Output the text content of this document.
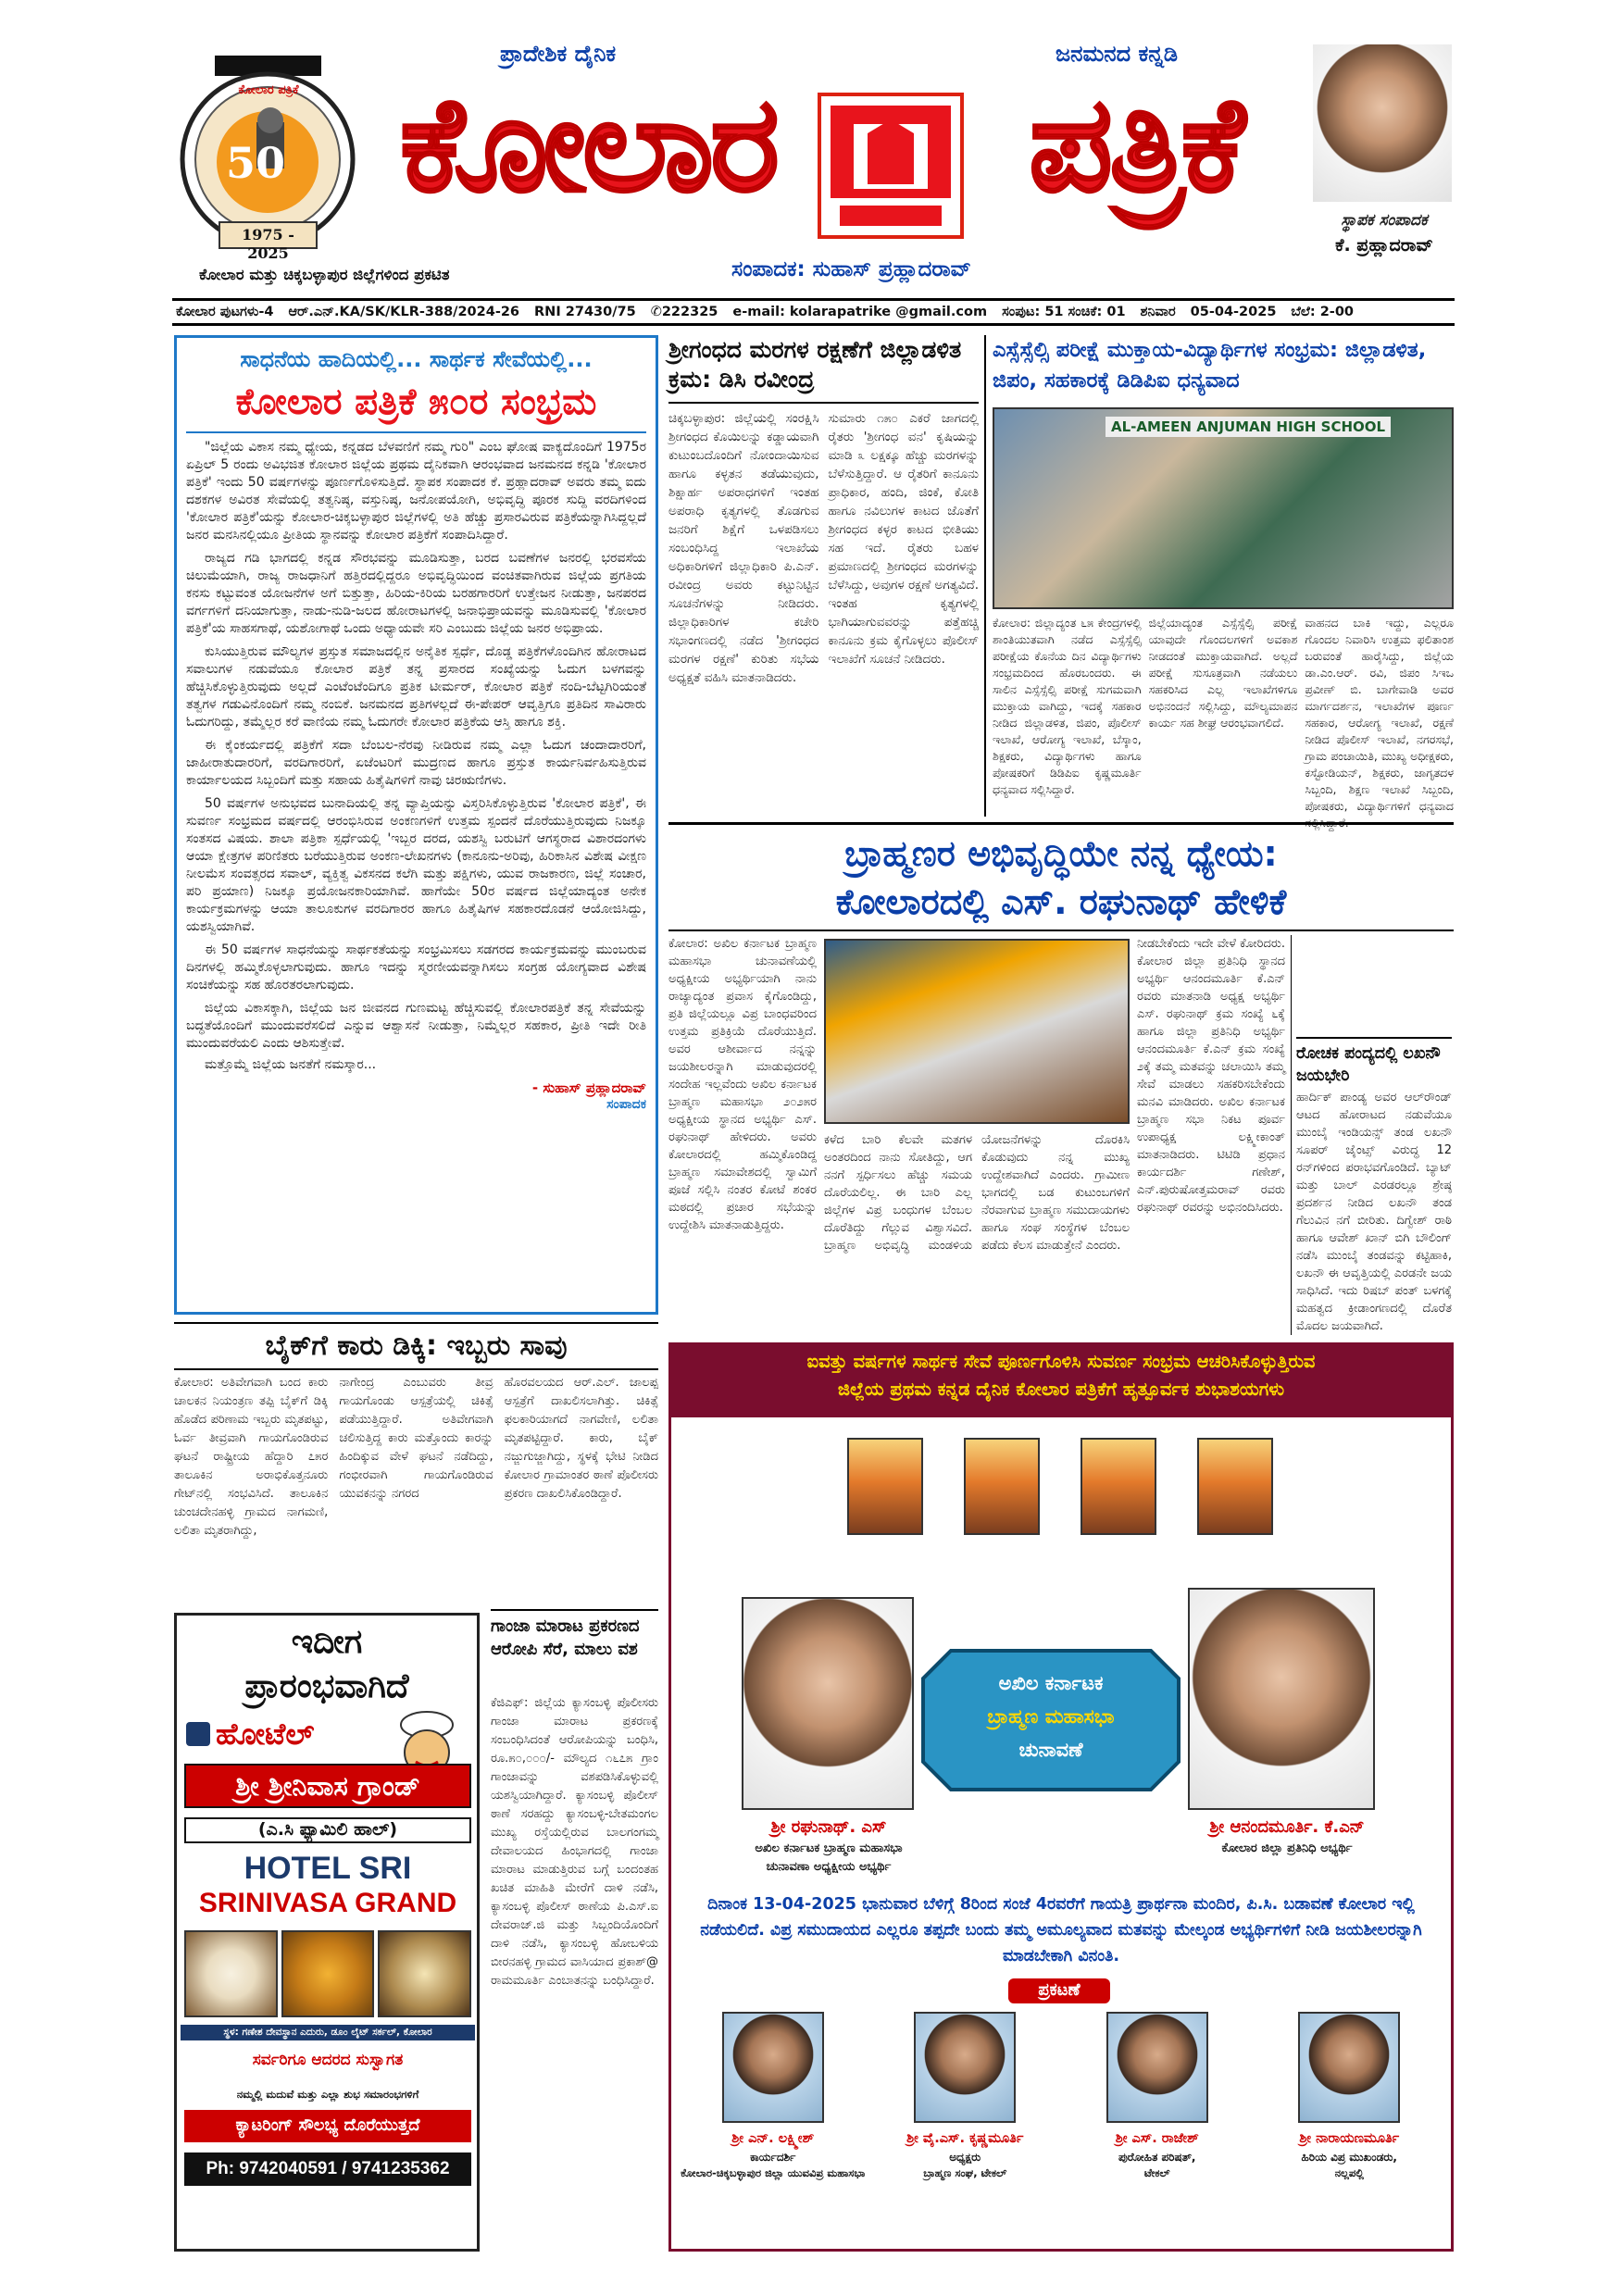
ಕೋಲಾರ ಪತ್ರಿಕೆ
50
1975 - 2025
ಪ್ರಾದೇಶಿಕ ದೈನಿಕ	ಜನಮನದ ಕನ್ನಡಿ
ಕೋಲಾರ	ಪತ್ರಿಕೆ	ಸ್ಥಾಪಕ ಸಂಪಾದಕ
ಕೆ. ಪ್ರಹ್ಲಾದರಾವ್
ಕೋಲಾರ ಮತ್ತು ಚಿಕ್ಕಬಳ್ಳಾಪುರ ಜಿಲ್ಲೆಗಳಿಂದ ಪ್ರಕಟಿತ	ಸಂಪಾದಕ: ಸುಹಾಸ್ ಪ್ರಹ್ಲಾದರಾವ್
ಕೋಲಾರ ಪುಟಗಳು-4 ಆರ್.ಎನ್.KA/SK/KLR-388/2024-26 RNI 27430/75 ✆222325 e-mail: kolarapatrike @gmail.com ಸಂಪುಟ: 51 ಸಂಚಿಕೆ: 01 ಶನಿವಾರ 05-04-2025 ಬೆಲೆ: 2-00
ಸಾಧನೆಯ ಹಾದಿಯಲ್ಲಿ... ಸಾರ್ಥಕ ಸೇವೆಯಲ್ಲಿ...
ಕೋಲಾರ ಪತ್ರಿಕೆ ೫೦ರ ಸಂಭ್ರಮ

"ಜಿಲ್ಲೆಯ ವಿಕಾಸ ನಮ್ಮ ಧ್ಯೇಯ, ಕನ್ನಡದ ಬೆಳವಣಿಗೆ ನಮ್ಮ ಗುರಿ" ಎಂಬ ಘೋಷ ವಾಕ್ಯದೊಂದಿಗೆ 1975ರ ಏಪ್ರಿಲ್ 5 ರಂದು ಅವಿಭಜಿತ ಕೋಲಾರ ಜಿಲ್ಲೆಯ ಪ್ರಥಮ ದೈನಿಕವಾಗಿ ಆರಂಭವಾದ ಜನಮನದ ಕನ್ನಡಿ 'ಕೋಲಾರ ಪತ್ರಿಕೆ' ಇಂದು 50 ವರ್ಷಗಳನ್ನು ಪೂರ್ಣಗೊಳಿಸುತ್ತಿದೆ. ಸ್ಥಾಪಕ ಸಂಪಾದಕ ಕೆ. ಪ್ರಹ್ಲಾದರಾವ್ ಅವರು ತಮ್ಮ ಐದು ದಶಕಗಳ ಅವಿರತ ಸೇವೆಯಲ್ಲಿ ತತ್ವನಿಷ್ಠ, ವಸ್ತುನಿಷ್ಠ, ಜನೋಪಯೋಗಿ, ಅಭಿವೃದ್ಧಿ ಪೂರಕ ಸುದ್ದಿ ವರದಿಗಳಿಂದ 'ಕೋಲಾರ ಪತ್ರಿಕೆ'ಯನ್ನು ಕೋಲಾರ-ಚಿಕ್ಕಬಳ್ಳಾಪುರ ಜಿಲ್ಲೆಗಳಲ್ಲಿ ಅತಿ ಹೆಚ್ಚು ಪ್ರಸಾರವಿರುವ ಪತ್ರಿಕೆಯನ್ನಾಗಿಸಿದ್ದಲ್ಲದೆ ಜನರ ಮನಸಿನಲ್ಲಿಯೂ ಪ್ರೀತಿಯ ಸ್ಥಾನವನ್ನು ಕೋಲಾರ ಪತ್ರಿಕೆಗೆ ಸಂಪಾದಿಸಿದ್ದಾರೆ.

ರಾಜ್ಯದ ಗಡಿ ಭಾಗದಲ್ಲಿ ಕನ್ನಡ ಸೌರಭವನ್ನು ಮೂಡಿಸುತ್ತಾ, ಬರದ ಬವಣೆಗಳ ಜನರಲ್ಲಿ ಭರವಸೆಯ ಚಿಲುಮೆಯಾಗಿ, ರಾಜ್ಯ ರಾಜಧಾನಿಗೆ ಹತ್ತಿರದಲ್ಲಿದ್ದರೂ ಅಭಿವೃದ್ಧಿಯಿಂದ ವಂಚಿತವಾಗಿರುವ ಜಿಲ್ಲೆಯ ಪ್ರಗತಿಯ ಕನಸು ಕಟ್ಟುವಂತ ಯೋಜನೆಗಳ ಅಗೆ ಬಿತ್ತುತ್ತಾ, ಹಿರಿಯ-ಕಿರಿಯ ಬರಹಗಾರರಿಗೆ ಉತ್ತೇಜನ ನೀಡುತ್ತಾ, ಜನಪರದ ವರ್ಗಗಳಿಗೆ ದನಿಯಾಗುತ್ತಾ, ನಾಡು-ನುಡಿ-ಜಲದ ಹೋರಾಟಗಳಲ್ಲಿ ಜನಾಭಿಪ್ರಾಯವನ್ನು ಮೂಡಿಸುವಲ್ಲಿ 'ಕೋಲಾರ ಪತ್ರಿಕೆ'ಯ ಸಾಹಸಗಾಥೆ, ಯಶೋಗಾಥೆ ಒಂದು ಅಧ್ಯಾಯವೇ ಸರಿ ಎಂಬುದು ಜಿಲ್ಲೆಯ ಜನರ ಅಭಿಪ್ರಾಯ.

ಕುಸಿಯುತ್ತಿರುವ ಮೌಲ್ಯಗಳ ಪ್ರಸ್ತುತ ಸಮಾಜದಲ್ಲಿನ ಅನೈತಿಕ ಸ್ಪರ್ಧೆ, ದೊಡ್ಡ ಪತ್ರಿಕೆಗಳೊಂದಿಗಿನ ಹೋರಾಟದ ಸವಾಲುಗಳ ನಡುವೆಯೂ ಕೋಲಾರ ಪತ್ರಿಕೆ ತನ್ನ ಪ್ರಸಾರದ ಸಂಖ್ಯೆಯನ್ನು ಓದುಗ ಬಳಗವನ್ನು ಹೆಚ್ಚಿಸಿಕೊಳ್ಳುತ್ತಿರುವುದು ಅಲ್ಲದೆ ಎಂಟೆಂಟೆಂದಿಗೂ ಪ್ರತಿಕ ಟೀರ್ಮರ್, ಕೋಲಾರ ಪತ್ರಿಕೆ ನಂದಿ-ಬೆಟ್ಟಗಿರಿಯಂತೆ ತತ್ವಗಳ ಗಡುವಿನೊಂದಿಗೆ ನಮ್ಮ ನಂಬಿಕೆ. ಜನಮನದ ಪ್ರತಿಗಳಲ್ಲದೆ ಈ-ಪೇಪರ್ ಆವೃತ್ತಿಗೂ ಪ್ರತಿದಿನ ಸಾವಿರಾರು ಓದುಗರಿದ್ದು, ತಮ್ಮೆಲ್ಲರ ಕರೆ ವಾಣಿಯ ನಮ್ಮ ಓದುಗರೇ ಕೋಲಾರ ಪತ್ರಿಕೆಯ ಆಸ್ತಿ ಹಾಗೂ ಶಕ್ತಿ.

ಈ ಕೈಂಕರ್ಯದಲ್ಲಿ ಪತ್ರಿಕೆಗೆ ಸದಾ ಬೆಂಬಲ-ನೆರವು ನೀಡಿರುವ ನಮ್ಮ ಎಲ್ಲಾ ಓದುಗ ಚಂದಾದಾರರಿಗೆ, ಜಾಹೀರಾತುದಾರರಿಗೆ, ವರದಿಗಾರರಿಗೆ, ಏಜೆಂಟರಿಗೆ ಮುದ್ರಣದ ಹಾಗೂ ಪ್ರಸ್ತುತ ಕಾರ್ಯನಿರ್ವಹಿಸುತ್ತಿರುವ ಕಾರ್ಯಾಲಯದ ಸಿಬ್ಬಂದಿಗೆ ಮತ್ತು ಸಹಾಯ ಹಿತೈಷಿಗಳಿಗೆ ನಾವು ಚಿರಋಣಿಗಳು.

50 ವರ್ಷಗಳ ಅನುಭವದ ಬುನಾದಿಯಲ್ಲಿ ತನ್ನ ವ್ಯಾಪ್ತಿಯನ್ನು ವಿಸ್ತರಿಸಿಕೊಳ್ಳುತ್ತಿರುವ 'ಕೋಲಾರ ಪತ್ರಿಕೆ', ಈ ಸುವರ್ಣ ಸಂಭ್ರಮದ ವರ್ಷದಲ್ಲಿ ಆರಂಭಿಸಿರುವ ಅಂಕಣಗಳಿಗೆ ಉತ್ತಮ ಸ್ಪಂದನೆ ದೊರೆಯುತ್ತಿರುವುದು ನಿಜಕ್ಕೂ ಸಂತಸದ ವಿಷಯ. ಶಾಲಾ ಪತ್ರಿಕಾ ಸ್ಪರ್ಧೆಯಲ್ಲಿ 'ಇಬ್ಬರ ದರದ, ಯಶಸ್ವಿ ಬರುಟಿಗೆ ಆಗಸ್ಥರಾದ ವಿಶಾರದಂಗಳು ಆಯಾ ಕ್ಷೇತ್ರಗಳ ಪರಿಣಿತರು ಬರೆಯುತ್ತಿರುವ ಅಂಕಣ-ಲೇಖನಗಳು (ಕಾನೂನು-ಅರಿವು, ಹಿರಿಕಾಸಿನ ವಿಶೇಷ ವೀಕ್ಷಣ ನೀಲಮೆಸ ಸಂವತ್ಸರದ ಸವಾಲ್, ವ್ಯಕ್ತಿತ್ವ ವಿಕಸನದ ಕಲೆಗಿ ಮತ್ತು ಪಕ್ಷಿಗಳು, ಯುವ ರಾಜಕಾರಣ, ಜಿಲ್ಲೆ ಸಂಚಾರ, ಪರಿ ಪ್ರಯಾಣ) ನಿಜಕ್ಕೂ ಪ್ರಯೋಜನಕಾರಿಯಾಗಿವೆ. ಹಾಗೆಯೇ 50ರ ವರ್ಷದ ಜಿಲ್ಲೆಯಾದ್ಯಂತ ಅನೇಕ ಕಾರ್ಯಕ್ರಮಗಳನ್ನು ಆಯಾ ತಾಲೂಕುಗಳ ವರದಿಗಾರರ ಹಾಗೂ ಹಿತೈಷಿಗಳ ಸಹಕಾರದೊಡನೆ ಆಯೋಜಿಸಿದ್ದು, ಯಶಸ್ವಿಯಾಗಿವೆ.

ಈ 50 ವರ್ಷಗಳ ಸಾಧನೆಯನ್ನು ಸಾರ್ಥಕತೆಯನ್ನು ಸಂಭ್ರಮಿಸಲು ಸಡಗರದ ಕಾರ್ಯಕ್ರಮವನ್ನು ಮುಂಬರುವ ದಿನಗಳಲ್ಲಿ ಹಮ್ಮಿಕೊಳ್ಳಲಾಗುವುದು. ಹಾಗೂ ಇದನ್ನು ಸ್ಮರಣೀಯವನ್ನಾಗಿಸಲು ಸಂಗ್ರಹ ಯೋಗ್ಯವಾದ ವಿಶೇಷ ಸಂಚಿಕೆಯನ್ನು ಸಹ ಹೊರತರಲಾಗುವುದು.

ಜಿಲ್ಲೆಯ ವಿಕಾಸಕ್ಕಾಗಿ, ಜಿಲ್ಲೆಯ ಜನ ಜೀವನದ ಗುಣಮಟ್ಟ ಹೆಚ್ಚಿಸುವಲ್ಲಿ ಕೋಲಾರಪತ್ರಿಕೆ ತನ್ನ ಸೇವೆಯನ್ನು ಬದ್ಧತೆಯೊಂದಿಗೆ ಮುಂದುವರೆಸಲಿದೆ ಎನ್ನುವ ಆಶ್ವಾಸನೆ ನೀಡುತ್ತಾ, ನಿಮ್ಮೆಲ್ಲರ ಸಹಕಾರ, ಪ್ರೀತಿ ಇದೇ ರೀತಿ ಮುಂದುವರೆಯಲಿ ಎಂದು ಆಶಿಸುತ್ತೇವೆ.

ಮತ್ತೊಮ್ಮೆ ಜಿಲ್ಲೆಯ ಜನತೆಗೆ ನಮಸ್ಕಾರ...

- ಸುಹಾಸ್ ಪ್ರಹ್ಲಾದರಾವ್
ಸಂಪಾದಕ
ಶ್ರೀಗಂಧದ ಮರಗಳ ರಕ್ಷಣೆಗೆ ಜಿಲ್ಲಾಡಳಿತ ಕ್ರಮ: ಡಿಸಿ ರವೀಂದ್ರ

ಚಿಕ್ಕಬಳ್ಳಾಪುರ: ಜಿಲ್ಲೆಯಲ್ಲಿ ಸಂರಕ್ಷಿಸಿ ಶ್ರೀಗಂಧದ ಕೊಯಿಲನ್ನು ಕಡ್ಡಾಯವಾಗಿ ಕುಟುಂಬದೊಂದಿಗೆ ನೋಂದಾಯಿಸುವ ಹಾಗೂ ಕಳ್ಳತನ ತಡೆಯುವುದು, ಶಿಕ್ಷಾರ್ಹ ಅಪರಾಧಗಳಿಗೆ ಇಂತಹ ಅಪರಾಧಿ ಕೃತ್ಯಗಳಲ್ಲಿ ತೊಡಗುವ ಜನರಿಗೆ ಶಿಕ್ಷೆಗೆ ಒಳಪಡಿಸಲು ಸಂಬಂಧಿಸಿದ್ದ ಇಲಾಖೆಯ ಅಧಿಕಾರಿಗಳಿಗೆ ಜಿಲ್ಲಾಧಿಕಾರಿ ಪಿ.ಎನ್. ರವೀಂದ್ರ ಅವರು ಕಟ್ಟುನಿಟ್ಟಿನ ಸೂಚನೆಗಳನ್ನು ನೀಡಿದರು. ಜಿಲ್ಲಾಧಿಕಾರಿಗಳ ಕಚೇರಿ ಸಭಾಂಗಣದಲ್ಲಿ ನಡೆದ 'ಶ್ರೀಗಂಧದ ಮರಗಳ ರಕ್ಷಣೆ' ಕುರಿತು ಸಭೆಯ ಅಧ್ಯಕ್ಷತೆ ವಹಿಸಿ ಮಾತನಾಡಿದರು.

ಸುಮಾರು ೧೫೦ ಎಕರೆ ಜಾಗದಲ್ಲಿ ರೈತರು 'ಶ್ರೀಗಂಧ ವನ' ಕೃಷಿಯನ್ನು ಮಾಡಿ ೩ ಲಕ್ಷಕ್ಕೂ ಹೆಚ್ಚು ಮರಗಳನ್ನು ಬೆಳೆಸುತ್ತಿದ್ದಾರೆ. ಆ ರೈತರಿಗೆ ಕಾನೂನು ಪ್ರಾಧಿಕಾರ, ಹಂದಿ, ಜಿಂಕೆ, ಕೋತಿ ಹಾಗೂ ನವಿಲುಗಳ ಕಾಟದ ಜೊತೆಗೆ ಶ್ರೀಗಂಧದ ಕಳ್ಳರ ಕಾಟದ ಭೀತಿಯು ಸಹ ಇದೆ. ರೈತರು ಬಹಳ ಪ್ರಮಾಣದಲ್ಲಿ ಶ್ರೀಗಂಧದ ಮರಗಳನ್ನು ಬೆಳೆಸಿದ್ದು, ಅವುಗಳ ರಕ್ಷಣೆ ಅಗತ್ಯವಿದೆ. ಇಂತಹ ಕೃತ್ಯಗಳಲ್ಲಿ ಭಾಗಿಯಾಗುವವರನ್ನು ಪತ್ತೆಹಚ್ಚಿ ಕಾನೂನು ಕ್ರಮ ಕೈಗೊಳ್ಳಲು ಪೊಲೀಸ್ ಇಲಾಖೆಗೆ ಸೂಚನೆ ನೀಡಿದರು.

ಎಸ್ಸೆಸ್ಸೆಲ್ಸಿ ಪರೀಕ್ಷೆ ಮುಕ್ತಾಯ-ವಿದ್ಯಾರ್ಥಿಗಳ ಸಂಭ್ರಮ: ಜಿಲ್ಲಾಡಳಿತ, ಜಿಪಂ, ಸಹಕಾರಕ್ಕೆ ಡಿಡಿಪಿಐ ಧನ್ಯವಾದ
AL-AMEEN ANJUMAN HIGH SCHOOL

ಕೋಲಾರ: ಜಿಲ್ಲಾದ್ಯಂತ ೬೫ ಕೇಂದ್ರಗಳಲ್ಲಿ ಶಾಂತಿಯುತವಾಗಿ ನಡೆದ ಎಸ್ಸೆಸ್ಸೆಲ್ಸಿ ಪರೀಕ್ಷೆಯ ಕೊನೆಯ ದಿನ ವಿದ್ಯಾರ್ಥಿಗಳು ಸಂಭ್ರಮದಿಂದ ಹೊರಬಂದರು. ಈ ಸಾಲಿನ ಎಸ್ಸೆಸ್ಸೆಲ್ಸಿ ಪರೀಕ್ಷೆ ಸುಗಮವಾಗಿ ಮುಕ್ತಾಯ ವಾಗಿದ್ದು, ಇದಕ್ಕೆ ಸಹಕಾರ ನೀಡಿದ ಜಿಲ್ಲಾಡಳಿತ, ಜಿಪಂ, ಪೊಲೀಸ್ ಇಲಾಖೆ, ಆರೋಗ್ಯ ಇಲಾಖೆ, ಬೆಸ್ಕಾಂ, ಶಿಕ್ಷಕರು, ವಿದ್ಯಾರ್ಥಿಗಳು ಹಾಗೂ ಪೋಷಕರಿಗೆ ಡಿಡಿಪಿಐ ಕೃಷ್ಣಮೂರ್ತಿ ಧನ್ಯವಾದ ಸಲ್ಲಿಸಿದ್ದಾರೆ.

ಜಿಲ್ಲೆಯಾದ್ಯಂತ ಎಸ್ಸೆಸ್ಸೆಲ್ಸಿ ಪರೀಕ್ಷೆ ಯಾವುದೇ ಗೊಂದಲಗಳಿಗೆ ಅವಕಾಶ ನೀಡದಂತೆ ಮುಕ್ತಾಯವಾಗಿದೆ. ಅಲ್ಲದೆ ಪರೀಕ್ಷೆ ಸುಸೂತ್ರವಾಗಿ ನಡೆಯಲು ಸಹಕರಿಸಿದ ಎಲ್ಲ ಇಲಾಖೆಗಳಿಗೂ ಅಭಿನಂದನೆ ಸಲ್ಲಿಸಿದ್ದು, ಮೌಲ್ಯಮಾಪನ ಕಾರ್ಯ ಸಹ ಶೀಘ್ರ ಆರಂಭವಾಗಲಿದೆ.

ವಾಹನದ ಬಾಕಿ ಇದ್ದು, ಎಲ್ಲರೂ ಗೊಂದಲ ನಿವಾರಿಸಿ ಉತ್ತಮ ಫಲಿತಾಂಶ ಬರುವಂತೆ ಹಾರೈಸಿದ್ದು, ಜಿಲ್ಲೆಯ ಡಾ.ಎಂ.ಆರ್. ರವಿ, ಜಿಪಂ ಸಿಇಒ ಪ್ರವೀಣ್ ಬಿ. ಬಾಗೇವಾಡಿ ಅವರ ಮಾರ್ಗದರ್ಶನ, ಇಲಾಖೆಗಳ ಪೂರ್ಣ ಸಹಕಾರ, ಆರೋಗ್ಯ ಇಲಾಖೆ, ರಕ್ಷಣೆ ನೀಡಿದ ಪೊಲೀಸ್ ಇಲಾಖೆ, ನಗರಸಭೆ, ಗ್ರಾಮ ಪಂಚಾಯಿತಿ, ಮುಖ್ಯ ಅಧೀಕ್ಷಕರು, ಕಸ್ಟೋಡಿಯನ್, ಶಿಕ್ಷಕರು, ಜಾಗೃತದಳ ಸಿಬ್ಬಂದಿ, ಶಿಕ್ಷಣ ಇಲಾಖೆ ಸಿಬ್ಬಂದಿ, ಪೋಷಕರು, ವಿದ್ಯಾರ್ಥಿಗಳಿಗೆ ಧನ್ಯವಾದ

ಬ್ರಾಹ್ಮಣರ ಅಭಿವೃದ್ಧಿಯೇ ನನ್ನ ಧ್ಯೇಯ:
ಕೋಲಾರದಲ್ಲಿ ಎಸ್. ರಘುನಾಥ್ ಹೇಳಿಕೆ

ಕೋಲಾರ: ಅಖಿಲ ಕರ್ನಾಟಕ ಬ್ರಾಹ್ಮಣ ಮಹಾಸಭಾ ಚುನಾವಣೆಯಲ್ಲಿ ಅಧ್ಯಕ್ಷೀಯ ಅಭ್ಯರ್ಥಿಯಾಗಿ ನಾನು ರಾಜ್ಯಾದ್ಯಂತ ಪ್ರವಾಸ ಕೈಗೊಂಡಿದ್ದು, ಪ್ರತಿ ಜಿಲ್ಲೆಯಲ್ಲೂ ವಿಪ್ರ ಬಾಂಧವರಿಂದ ಉತ್ತಮ ಪ್ರತಿಕ್ರಿಯೆ ದೊರೆಯುತ್ತಿದೆ. ಅವರ ಆಶೀರ್ವಾದ ನನ್ನನ್ನು ಜಯಶೀಲರನ್ನಾಗಿ ಮಾಡುವುದರಲ್ಲಿ ಸಂದೇಹ ಇಲ್ಲವೆಂದು ಅಖಿಲ ಕರ್ನಾಟಕ ಬ್ರಾಹ್ಮಣ ಮಹಾಸಭಾ ೨೦೨೫ರ ಅಧ್ಯಕ್ಷೀಯ ಸ್ಥಾನದ ಅಭ್ಯರ್ಥಿ ಎಸ್. ರಘುನಾಥ್ ಹೇಳಿದರು. ಅವರು ಕೋಲಾರದಲ್ಲಿ ಹಮ್ಮಿಕೊಂಡಿದ್ದ ಬ್ರಾಹ್ಮಣ ಸಮಾವೇಶದಲ್ಲಿ ಸ್ವಾಮಿಗೆ ಪೂಜೆ ಸಲ್ಲಿಸಿ ನಂತರ ಕೋಟೆ ಶಂಕರ ಮಠದಲ್ಲಿ ಪ್ರಚಾರ ಸಭೆಯನ್ನು ಉದ್ದೇಶಿಸಿ ಮಾತನಾಡುತ್ತಿದ್ದರು.

ಕಳೆದ ಬಾರಿ ಕೆಲವೇ ಮತಗಳ ಅಂತರದಿಂದ ನಾನು ಸೋತಿದ್ದು, ಆಗ ನನಗೆ ಸ್ಪರ್ಧಿಸಲು ಹೆಚ್ಚು ಸಮಯ ದೊರೆಯಲಿಲ್ಲ. ಈ ಬಾರಿ ಎಲ್ಲ ಜಿಲ್ಲೆಗಳ ವಿಪ್ರ ಬಂಧುಗಳ ಬೆಂಬಲ ದೊರೆತಿದ್ದು ಗೆಲ್ಲುವ ವಿಶ್ವಾಸವಿದೆ. ಬ್ರಾಹ್ಮಣ ಅಭಿವೃದ್ಧಿ ಮಂಡಳಿಯ ಯೋಜನೆಗಳನ್ನು ದೊರಕಿಸಿ ಕೊಡುವುದು ನನ್ನ ಮುಖ್ಯ ಉದ್ದೇಶವಾಗಿದೆ ಎಂದರು. ಗ್ರಾಮೀಣ ಭಾಗದಲ್ಲಿ ಬಡ ಕುಟುಂಬಗಳಿಗೆ ನೆರವಾಗುವ ಬ್ರಾಹ್ಮಣ ಸಮುದಾಯಗಳು ಹಾಗೂ ಸಂಘ ಸಂಸ್ಥೆಗಳ ಬೆಂಬಲ ಪಡೆದು ಕೆಲಸ ಮಾಡುತ್ತೇನೆ ಎಂದರು.

ನೀಡಬೇಕೆಂದು ಇದೇ ವೇಳೆ ಕೋರಿದರು. ಕೋಲಾರ ಜಿಲ್ಲಾ ಪ್ರತಿನಿಧಿ ಸ್ಥಾನದ ಅಭ್ಯರ್ಥಿ ಆನಂದಮೂರ್ತಿ ಕೆ.ಎನ್ ರವರು ಮಾತನಾಡಿ ಅಧ್ಯಕ್ಷ ಅಭ್ಯರ್ಥಿ ಎಸ್. ರಘುನಾಥ್ ಕ್ರಮ ಸಂಖ್ಯೆ ೬ಕ್ಕೆ ಹಾಗೂ ಜಿಲ್ಲಾ ಪ್ರತಿನಿಧಿ ಅಭ್ಯರ್ಥಿ ಆನಂದಮೂರ್ತಿ ಕೆ.ಎನ್ ಕ್ರಮ ಸಂಖ್ಯೆ ೨ಕ್ಕೆ ತಮ್ಮ ಮತವನ್ನು ಚಲಾಯಿಸಿ ತಮ್ಮ ಸೇವೆ ಮಾಡಲು ಸಹಕರಿಸಬೇಕೆಂದು ಮನವಿ ಮಾಡಿದರು. ಅಖಿಲ ಕರ್ನಾಟಕ ಬ್ರಾಹ್ಮಣ ಸಭಾ ನಿಕಟ ಪೂರ್ವ ಉಪಾಧ್ಯಕ್ಷ ಲಕ್ಷ್ಮೀಕಾಂತ್ ಮಾತನಾಡಿದರು. ಟಿಟಿಡಿ ಪ್ರಧಾನ ಕಾರ್ಯದರ್ಶಿ ಗಣೇಶ್, ಎನ್.ಪುರುಷೋತ್ತಮರಾವ್ ರವರು ರಘುನಾಥ್ ರವರನ್ನು ಅಭಿನಂದಿಸಿದರು.

ರೋಚಕ ಪಂದ್ಯದಲ್ಲಿ ಲಖನೌ ಜಯಭೇರಿ

ಹಾರ್ದಿಕ್ ಪಾಂಡ್ಯ ಅವರ ಆಲ್‌ರೌಂಡ್ ಆಟದ ಹೋರಾಟದ ನಡುವೆಯೂ ಮುಂಬೈ ಇಂಡಿಯನ್ಸ್ ತಂಡ ಲಖನೌ ಸೂಪರ್ ಜೈಂಟ್ಸ್ ವಿರುದ್ಧ 12 ರನ್‌ಗಳಿಂದ ಪರಾಭವಗೊಂಡಿದೆ. ಬ್ಯಾಟ್ ಮತ್ತು ಬಾಲ್ ಎರಡರಲ್ಲೂ ಶ್ರೇಷ್ಠ ಪ್ರದರ್ಶನ ನೀಡಿದ ಲಖನೌ ತಂಡ ಗೆಲುವಿನ ನಗೆ ಬೀರಿತು. ದಿಗ್ವೇಶ್ ರಾಠಿ ಹಾಗೂ ಆವೇಶ್ ಖಾನ್ ಬಿಗಿ ಬೌಲಿಂಗ್ ನಡೆಸಿ ಮುಂಬೈ ತಂಡವನ್ನು ಕಟ್ಟಿಹಾಕಿ, ಲಖನೌ ಈ ಆವೃತ್ತಿಯಲ್ಲಿ ಎರಡನೇ ಜಯ ಸಾಧಿಸಿದೆ. ಇದು ರಿಷಬ್ ಪಂತ್ ಬಳಗಕ್ಕೆ ಮಹತ್ವದ ಕ್ರೀಡಾಂಗಣದಲ್ಲಿ ದೊರೆತ ಮೊದಲ ಜಯವಾಗಿದೆ.

ಬೈಕ್‌ಗೆ ಕಾರು ಡಿಕ್ಕಿ: ಇಬ್ಬರು ಸಾವು

ಕೋಲಾರ: ಅತಿವೇಗವಾಗಿ ಬಂದ ಕಾರು ಚಾಲಕನ ನಿಯಂತ್ರಣ ತಪ್ಪಿ ಬೈಕ್‌ಗೆ ಡಿಕ್ಕಿ ಹೊಡೆದ ಪರಿಣಾಮ ಇಬ್ಬರು ಮೃತಪಟ್ಟು, ಓರ್ವ ತೀವ್ರವಾಗಿ ಗಾಯಗೊಂಡಿರುವ ಘಟನೆ ರಾಷ್ಟ್ರೀಯ ಹೆದ್ದಾರಿ ೭೫ರ ತಾಲೂಕಿನ ಅರಾಭಿಕೊತ್ತನೂರು ಗೇಟ್‌ನಲ್ಲಿ ಸಂಭವಿಸಿದೆ. ತಾಲೂಕಿನ ಚುಂಚದೇನಹಳ್ಳಿ ಗ್ರಾಮದ ನಾಗಮಣಿ, ಲಲಿತಾ ಮೃತರಾಗಿದ್ದು,

ನಾಗೇಂದ್ರ ಎಂಬುವರು ತೀವ್ರ ಗಾಯಗೊಂಡು ಆಸ್ಪತ್ರೆಯಲ್ಲಿ ಚಿಕಿತ್ಸೆ ಪಡೆಯುತ್ತಿದ್ದಾರೆ. ಅತಿವೇಗವಾಗಿ ಚಲಿಸುತ್ತಿದ್ದ ಕಾರು ಮತ್ತೊಂದು ಕಾರನ್ನು ಹಿಂದಿಕ್ಕುವ ವೇಳೆ ಘಟನೆ ನಡೆದಿದ್ದು, ಗಂಭೀರವಾಗಿ ಗಾಯಗೊಂಡಿರುವ ಯುವಕನನ್ನು ನಗರದ

ಹೊರವಲಯದ ಆರ್.ಎಲ್. ಜಾಲಪ್ಪ ಆಸ್ಪತ್ರೆಗೆ ದಾಖಲಿಸಲಾಗಿತ್ತು. ಚಿಕಿತ್ಸೆ ಫಲಕಾರಿಯಾಗದೆ ನಾಗವೇಣಿ, ಲಲಿತಾ ಮೃತಪಟ್ಟಿದ್ದಾರೆ. ಕಾರು, ಬೈಕ್ ನಜ್ಜುಗುಜ್ಜಾಗಿದ್ದು, ಸ್ಥಳಕ್ಕೆ ಭೇಟಿ ನೀಡಿದ ಕೋಲಾರ ಗ್ರಾಮಾಂತರ ಠಾಣೆ ಪೊಲೀಸರು ಪ್ರಕರಣ ದಾಖಲಿಸಿಕೊಂಡಿದ್ದಾರೆ.

ಗಾಂಜಾ ಮಾರಾಟ ಪ್ರಕರಣದ ಆರೋಪಿ ಸೆರೆ, ಮಾಲು ವಶ

ಕೆಜಿಎಫ್: ಜಿಲ್ಲೆಯ ಕ್ಯಾಸಂಬಳ್ಳಿ ಪೊಲೀಸರು ಗಾಂಜಾ ಮಾರಾಟ ಪ್ರಕರಣಕ್ಕೆ ಸಂಬಂಧಿಸಿದಂತೆ ಆರೋಪಿಯನ್ನು ಬಂಧಿಸಿ, ರೂ.೫೦,೦೦೦/- ಮೌಲ್ಯದ ೧೬೭೫ ಗ್ರಾಂ ಗಾಂಜಾವನ್ನು ವಶಪಡಿಸಿಕೊಳ್ಳುವಲ್ಲಿ ಯಶಸ್ವಿಯಾಗಿದ್ದಾರೆ. ಕ್ಯಾಸಂಬಳ್ಳಿ ಪೊಲೀಸ್ ಠಾಣೆ ಸರಹದ್ದು ಕ್ಯಾಸಂಬಳ್ಳಿ-ಬೇತಮಂಗಲ ಮುಖ್ಯ ರಸ್ತೆಯಲ್ಲಿರುವ ಬಾಲಗಂಗಮ್ಮ ದೇವಾಲಯದ ಹಿಂಭಾಗದಲ್ಲಿ ಗಾಂಜಾ ಮಾರಾಟ ಮಾಡುತ್ತಿರುವ ಬಗ್ಗೆ ಬಂದಂತಹ ಖಚಿತ ಮಾಹಿತಿ ಮೇರೆಗೆ ದಾಳಿ ನಡೆಸಿ, ಕ್ಯಾಸಂಬಳ್ಳಿ ಪೊಲೀಸ್ ಠಾಣೆಯ ಪಿ.ಎಸ್.ಐ ದೇವರಾಜ್.ಜಿ ಮತ್ತು ಸಿಬ್ಬಂದಿಯೊಂದಿಗೆ ದಾಳಿ ನಡೆಸಿ, ಕ್ಯಾಸಂಬಳ್ಳಿ ಹೋಬಳಿಯ ಬೀರನಹಳ್ಳಿ ಗ್ರಾಮದ ವಾಸಿಯಾದ ಪ್ರಕಾಶ್@ ರಾಮಮೂರ್ತಿ ಎಂಬಾತನನ್ನು ಬಂಧಿಸಿದ್ದಾರೆ.

ಇದೀಗ
ಪ್ರಾರಂಭವಾಗಿದೆ
ಹೋಟೆಲ್
ಶ್ರೀ ಶ್ರೀನಿವಾಸ ಗ್ರಾಂಡ್
(ಎ.ಸಿ ಫ್ಯಾಮಿಲಿ ಹಾಲ್)
HOTEL SRI
SRINIVASA GRAND
ಸ್ಥಳ: ಗಣೇಶ ದೇವಸ್ಥಾನ ಎದುರು, ಡೂಂ ಲೈಟ್ ಸರ್ಕಲ್, ಕೋಲಾರ
ಸರ್ವರಿಗೂ ಆದರದ ಸುಸ್ವಾಗತ
ನಮ್ಮಲ್ಲಿ ಮದುವೆ ಮತ್ತು ಎಲ್ಲಾ ಶುಭ ಸಮಾರಂಭಗಳಿಗೆ
ಕ್ಯಾಟರಿಂಗ್ ಸೌಲಭ್ಯ ದೊರೆಯುತ್ತದೆ
Ph: 9742040591 / 9741235362
ಐವತ್ತು ವರ್ಷಗಳ ಸಾರ್ಥಕ ಸೇವೆ ಪೂರ್ಣಗೊಳಿಸಿ ಸುವರ್ಣ ಸಂಭ್ರಮ ಆಚರಿಸಿಕೊಳ್ಳುತ್ತಿರುವ
ಜಿಲ್ಲೆಯ ಪ್ರಥಮ ಕನ್ನಡ ದೈನಿಕ ಕೋಲಾರ ಪತ್ರಿಕೆಗೆ ಹೃತ್ಪೂರ್ವಕ ಶುಭಾಶಯಗಳು
ಅಖಿಲ ಕರ್ನಾಟಕ
ಬ್ರಾಹ್ಮಣ ಮಹಾಸಭಾ
ಚುನಾವಣೆ
ಶ್ರೀ ರಘುನಾಥ್. ಎಸ್
ಅಖಿಲ ಕರ್ನಾಟಕ ಬ್ರಾಹ್ಮಣ ಮಹಾಸಭಾ
ಚುನಾವಣಾ ಅಧ್ಯಕ್ಷೀಯ ಅಭ್ಯರ್ಥಿ
ಶ್ರೀ ಆನಂದಮೂರ್ತಿ. ಕೆ.ಎನ್
ಕೋಲಾರ ಜಿಲ್ಲಾ ಪ್ರತಿನಿಧಿ ಅಭ್ಯರ್ಥಿ
ದಿನಾಂಕ 13-04-2025 ಭಾನುವಾರ ಬೆಳಿಗ್ಗೆ 8ರಿಂದ ಸಂಜೆ 4ರವರೆಗೆ ಗಾಯತ್ರಿ ಪ್ರಾರ್ಥನಾ ಮಂದಿರ, ಪಿ.ಸಿ. ಬಡಾವಣೆ ಕೋಲಾರ ಇಲ್ಲಿ ನಡೆಯಲಿದೆ. ವಿಪ್ರ ಸಮುದಾಯದ ಎಲ್ಲರೂ ತಪ್ಪದೇ ಬಂದು ತಮ್ಮ ಅಮೂಲ್ಯವಾದ ಮತವನ್ನು ಮೇಲ್ಕಂಡ ಅಭ್ಯರ್ಥಿಗಳಿಗೆ ನೀಡಿ ಜಯಶೀಲರನ್ನಾಗಿ ಮಾಡಬೇಕಾಗಿ ವಿನಂತಿ.
ಪ್ರಕಟಣೆ
ಶ್ರೀ ಎನ್. ಲಕ್ಷ್ಮೀಶ್
ಕಾರ್ಯದರ್ಶಿ
ಕೋಲಾರ-ಚಿಕ್ಕಬಳ್ಳಾಪುರ ಜಿಲ್ಲಾ ಯುವವಿಪ್ರ ಮಹಾಸಭಾ
ಶ್ರೀ ವೈ.ಎಸ್. ಕೃಷ್ಣಮೂರ್ತಿ
ಅಧ್ಯಕ್ಷರು
ಬ್ರಾಹ್ಮಣ ಸಂಘ, ಟೇಕಲ್
ಶ್ರೀ ಎಸ್. ರಾಜೇಶ್
ಪುರೋಹಿತ ಪರಿಷತ್,
ಟೇಕಲ್
ಶ್ರೀ ನಾರಾಯಣಮೂರ್ತಿ
ಹಿರಿಯ ವಿಪ್ರ ಮುಖಂಡರು,
ನಲ್ಲಪಲ್ಲಿ
